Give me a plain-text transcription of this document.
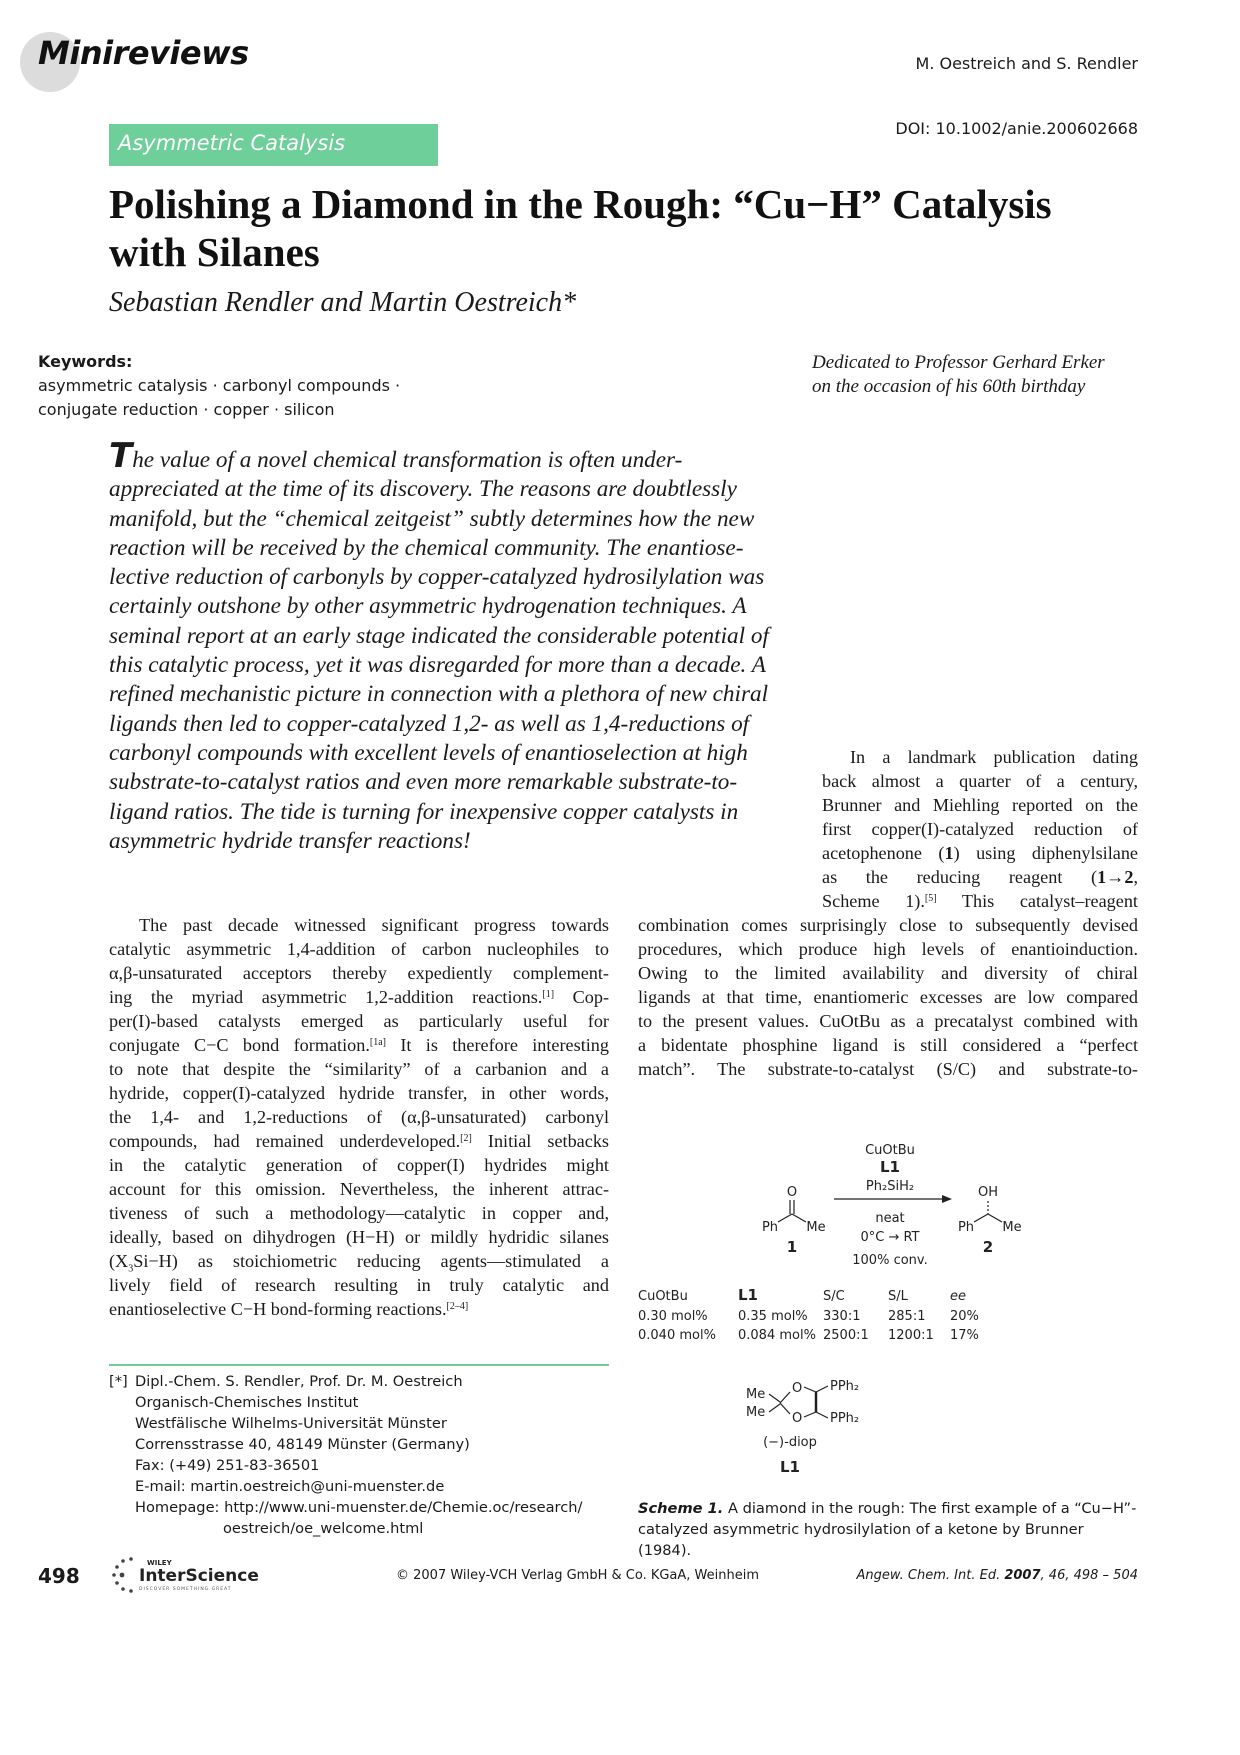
Minireviews	M. Oestreich and S. Rendler
DOI: 10.1002/anie.200602668
Asymmetric Catalysis
Polishing a Diamond in the Rough: “Cu−H” Catalysis
with Silanes
Sebastian Rendler and Martin Oestreich*
Keywords:
asymmetric catalysis · carbonyl compounds ·
conjugate reduction · copper · silicon
Dedicated to Professor Gerhard Erker
on the occasion of his 60th birthday
The value of a novel chemical transformation is often under-
appreciated at the time of its discovery. The reasons are doubtlessly
manifold, but the “chemical zeitgeist” subtly determines how the new
reaction will be received by the chemical community. The enantiose-
lective reduction of carbonyls by copper-catalyzed hydrosilylation was
certainly outshone by other asymmetric hydrogenation techniques. A
seminal report at an early stage indicated the considerable potential of
this catalytic process, yet it was disregarded for more than a decade. A
refined mechanistic picture in connection with a plethora of new chiral
ligands then led to copper-catalyzed 1,2- as well as 1,4-reductions of
carbonyl compounds with excellent levels of enantioselection at high
substrate-to-catalyst ratios and even more remarkable substrate-to-
ligand ratios. The tide is turning for inexpensive copper catalysts in
asymmetric hydride transfer reactions!
In a landmark publication dating
back almost a quarter of a century,
Brunner and Miehling reported on the
first copper(I)-catalyzed reduction of
acetophenone (1) using diphenylsilane
as the reducing reagent (1→2,
Scheme 1).[5] This catalyst–reagent
combination comes surprisingly close to subsequently devised
procedures, which produce high levels of enantioinduction.
Owing to the limited availability and diversity of chiral
ligands at that time, enantiomeric excesses are low compared
to the present values. CuOtBu as a precatalyst combined with
a bidentate phosphine ligand is still considered a “perfect
match”. The substrate-to-catalyst (S/C) and substrate-to-
The past decade witnessed significant progress towards
catalytic asymmetric 1,4-addition of carbon nucleophiles to
α,β-unsaturated acceptors thereby expediently complement-
ing the myriad asymmetric 1,2-addition reactions.[1] Cop-
per(I)-based catalysts emerged as particularly useful for
conjugate C−C bond formation.[1a] It is therefore interesting
to note that despite the “similarity” of a carbanion and a
hydride, copper(I)-catalyzed hydride transfer, in other words,
the 1,4- and 1,2-reductions of (α,β-unsaturated) carbonyl
compounds, had remained underdeveloped.[2] Initial setbacks
in the catalytic generation of copper(I) hydrides might
account for this omission. Nevertheless, the inherent attrac-
tiveness of such a methodology—catalytic in copper and,
ideally, based on dihydrogen (H−H) or mildly hydridic silanes
$(X_3Si-H)$ as stoichiometric reducing agents—stimulated a
lively field of research resulting in truly catalytic and
enantioselective C−H bond-forming reactions.[2–4]
[*] Dipl.-Chem. S. Rendler, Prof. Dr. M. Oestreich
Organisch-Chemisches Institut
Westfälische Wilhelms-Universität Münster
Corrensstrasse 40, 48149 Münster (Germany)
Fax: (+49) 251-83-36501
E-mail: martin.oestreich@uni-muenster.de
Homepage: http://www.uni-muenster.de/Chemie.oc/research/
oestreich/oe_welcome.html
CuOtBu
L1
Ph₂SiH₂
neat
0°C → RT
100% conv.
O
Ph Me
1
OH
Ph Me
2
CuOtBu	L1	S/C	S/L	ee
0.30 mol% 0.35 mol% 330:1 285:1 20%
0.040 mol% 0.084 mol% 2500:1 1200:1 17%
Me
Me
O
O
PPh₂
PPh₂
(−)-diop
L1
Scheme 1. A diamond in the rough: The first example of a “Cu−H”-
catalyzed asymmetric hydrosilylation of a ketone by Brunner (1984).
498
WILEY
InterScience
DISCOVER SOMETHING GREAT
© 2007 Wiley-VCH Verlag GmbH & Co. KGaA, Weinheim	Angew. Chem. Int. Ed. 2007, 46, 498 – 504
